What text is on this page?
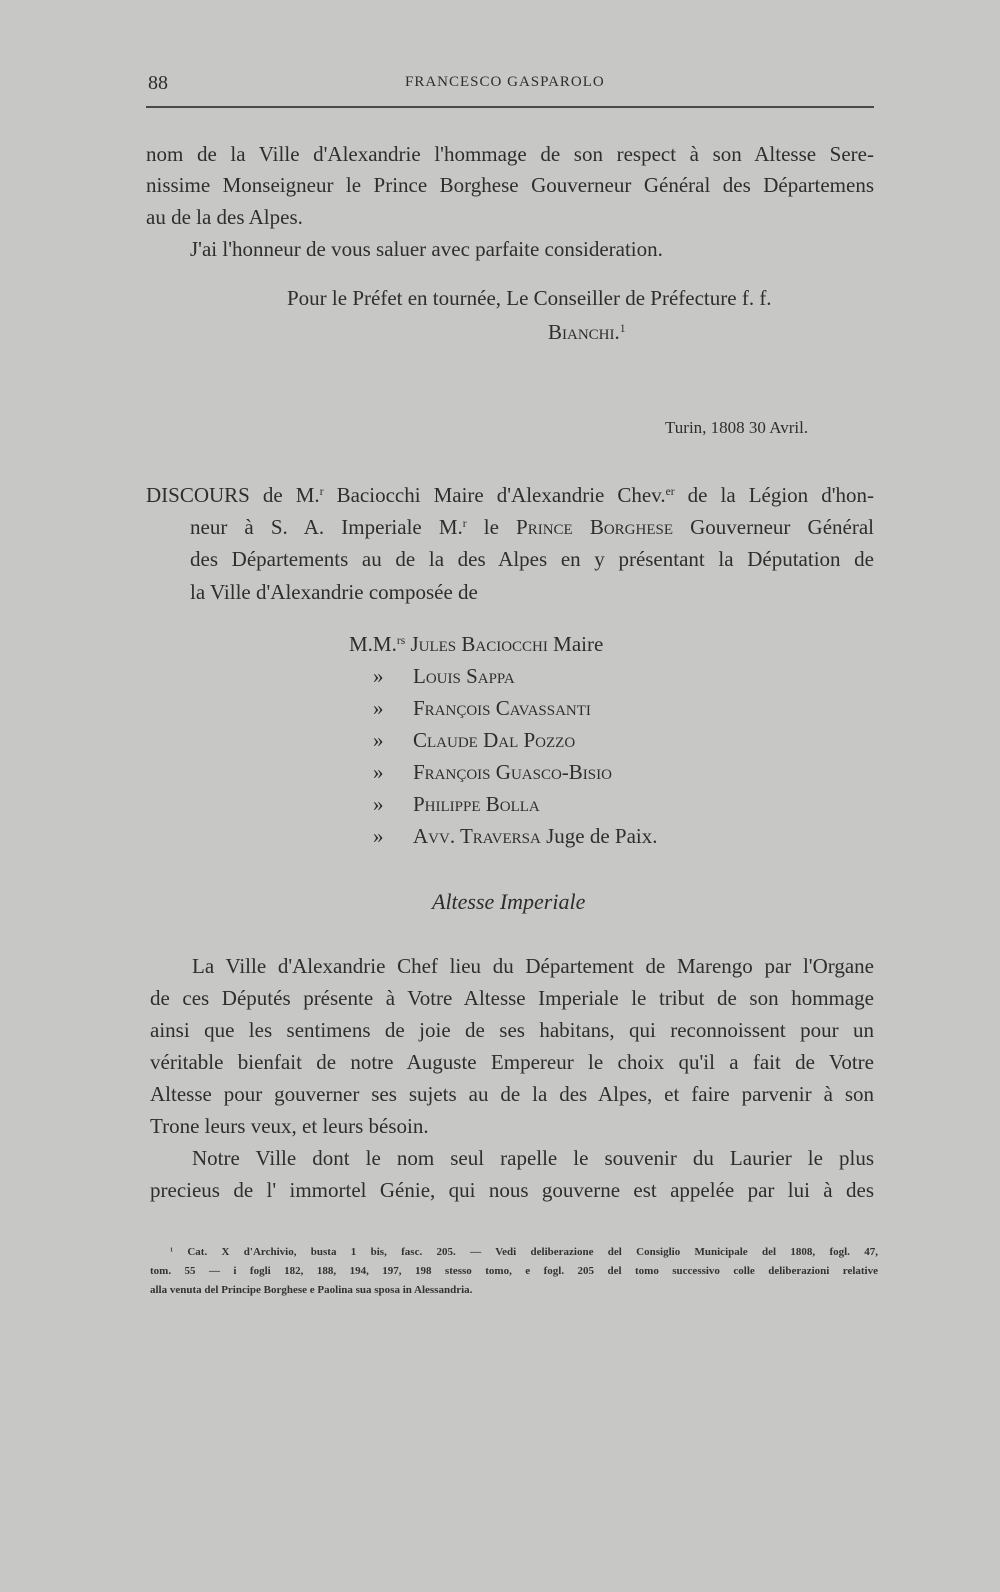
88	FRANCESCO GASPAROLO
nom de la Ville d'Alexandrie l'hommage de son respect à son Altesse Sere-
nissime Monseigneur le Prince Borghese Gouverneur Général des Départemens
au de la des Alpes.
J'ai l'honneur de vous saluer avec parfaite consideration.
Pour le Préfet en tournée, Le Conseiller de Préfecture f. f.
Bianchi.$^1$
Turin, 1808 30 Avril.
DISCOURS de M.$^r$ Baciocchi Maire d'Alexandrie Chev.$^{er}$ de la Légion d'hon-
neur à S. A. Imperiale M.$^r$ le Prince Borghese Gouverneur Général
des Départements au de la des Alpes en y présentant la Députation de
la Ville d'Alexandrie composée de
M.M.$^{rs}$ Jules Baciocchi Maire
» Louis Sappa
» François Cavassanti
» Claude Dal Pozzo
» François Guasco-Bisio
» Philippe Bolla
» Avv. Traversa Juge de Paix.
Altesse Imperiale
La Ville d'Alexandrie Chef lieu du Département de Marengo par l'Organe
de ces Députés présente à Votre Altesse Imperiale le tribut de son hommage
ainsi que les sentimens de joie de ses habitans, qui reconnoissent pour un
véritable bienfait de notre Auguste Empereur le choix qu'il a fait de Votre
Altesse pour gouverner ses sujets au de la des Alpes, et faire parvenir à son
Trone leurs veux, et leurs bésoin.
Notre Ville dont le nom seul rapelle le souvenir du Laurier le plus
precieus de l' immortel Génie, qui nous gouverne est appelée par lui à des
$^1$ Cat. X d'Archivio, busta 1 bis, fasc. 205. — Vedi deliberazione del Consiglio Municipale del 1808, fogl. 47,
tom. 55 — i fogli 182, 188, 194, 197, 198 stesso tomo, e fogl. 205 del tomo successivo colle deliberazioni relative
alla venuta del Principe Borghese e Paolina sua sposa in Alessandria.
